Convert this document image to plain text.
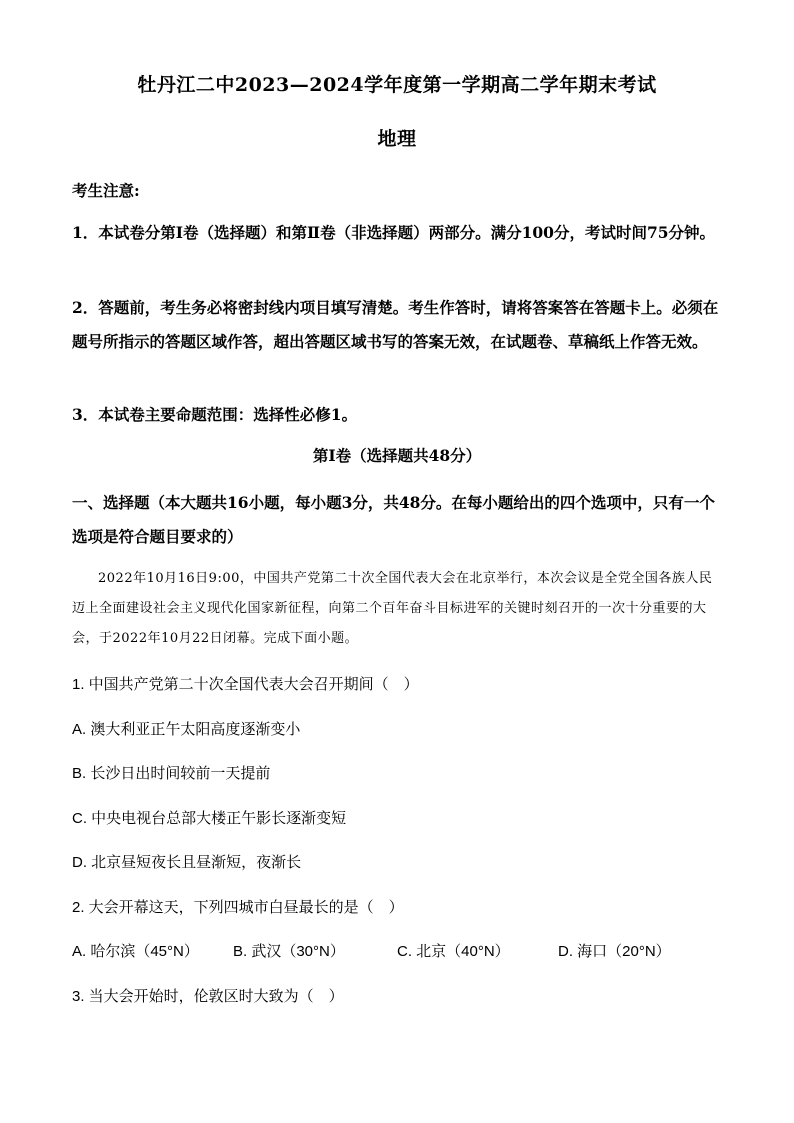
牡丹江二中2023—2024学年度第一学期高二学年期末考试
地理
考生注意:
1．本试卷分第Ⅰ卷（选择题）和第Ⅱ卷（非选择题）两部分。满分100分，考试时间75分钟。
2．答题前，考生务必将密封线内项目填写清楚。考生作答时，请将答案答在答题卡上。必须在题号所指示的答题区域作答，超出答题区域书写的答案无效，在试题卷、草稿纸上作答无效。
3．本试卷主要命题范围：选择性必修1。
第Ⅰ卷（选择题共48分）
一、选择题（本大题共16小题，每小题3分，共48分。在每小题给出的四个选项中，只有一个选项是符合题目要求的）
2022年10月16日9:00，中国共产党第二十次全国代表大会在北京举行，本次会议是全党全国各族人民迈上全面建设社会主义现代化国家新征程，向第二个百年奋斗目标进军的关键时刻召开的一次十分重要的大会，于2022年10月22日闭幕。完成下面小题。
1. 中国共产党第二十次全国代表大会召开期间（　）
A. 澳大利亚正午太阳高度逐渐变小
B. 长沙日出时间较前一天提前
C. 中央电视台总部大楼正午影长逐渐变短
D. 北京昼短夜长且昼渐短，夜渐长
2. 大会开幕这天，下列四城市白昼最长的是（　）
A. 哈尔滨（45°N） B. 武汉（30°N）	C. 北京（40°N）	D. 海口（20°N）
3. 当大会开始时，伦敦区时大致为（　）
